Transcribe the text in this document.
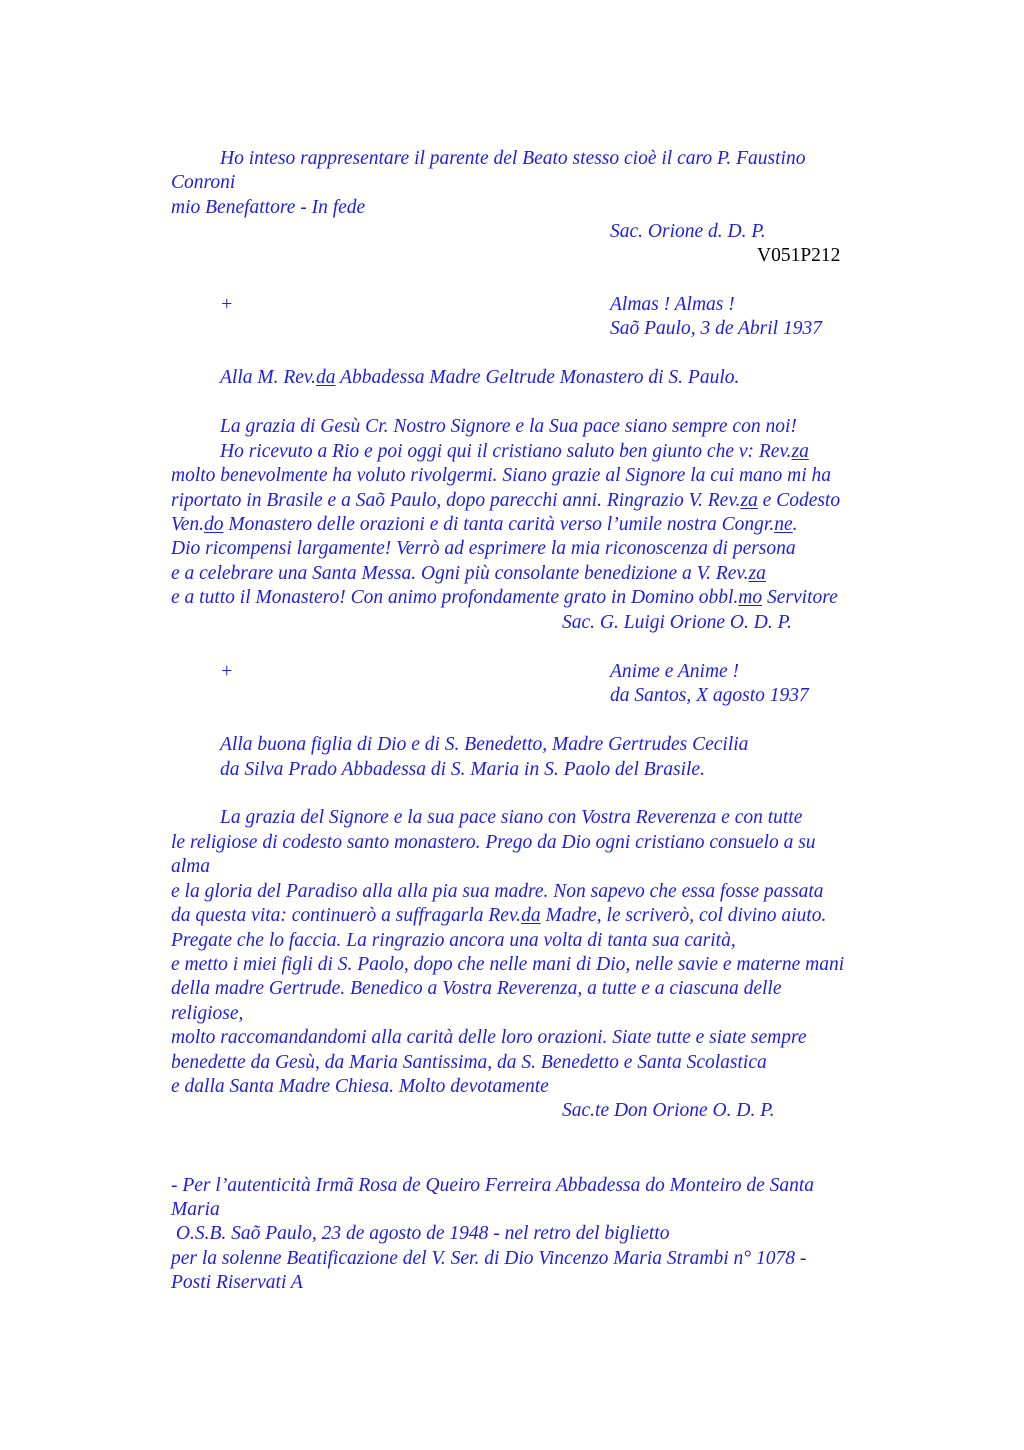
Ho inteso rappresentare il parente del Beato stesso cioè il caro P. Faustino
Conroni
mio Benefattore - In fede
Sac. Orione d. D. P.
V051P212
+	Almas ! Almas !
Saõ Paulo, 3 de Abril 1937
Alla M. Rev.da Abbadessa Madre Geltrude Monastero di S. Paulo.
La grazia di Gesù Cr. Nostro Signore e la Sua pace siano sempre con noi!
Ho ricevuto a Rio e poi oggi qui il cristiano saluto ben giunto che v: Rev.za
molto benevolmente ha voluto rivolgermi. Siano grazie al Signore la cui mano mi ha
riportato in Brasile e a Saõ Paulo, dopo parecchi anni. Ringrazio V. Rev.za e Codesto
Ven.do Monastero delle orazioni e di tanta carità verso l’umile nostra Congr.ne.
Dio ricompensi largamente! Verrò ad esprimere la mia riconoscenza di persona
e a celebrare una Santa Messa. Ogni più consolante benedizione a V. Rev.za
e a tutto il Monastero! Con animo profondamente grato in Domino obbl.mo Servitore
Sac. G. Luigi Orione O. D. P.
+	Anime e Anime !
da Santos, X agosto 1937
Alla buona figlia di Dio e di S. Benedetto, Madre Gertrudes Cecilia
da Silva Prado Abbadessa di S. Maria in S. Paolo del Brasile.
La grazia del Signore e la sua pace siano con Vostra Reverenza e con tutte
le religiose di codesto santo monastero. Prego da Dio ogni cristiano consuelo a su
alma
e la gloria del Paradiso alla alla pia sua madre. Non sapevo che essa fosse passata
da questa vita: continuerò a suffragarla Rev.da Madre, le scriverò, col divino aiuto.
Pregate che lo faccia. La ringrazio ancora una volta di tanta sua carità,
e metto i miei figli di S. Paolo, dopo che nelle mani di Dio, nelle savie e materne mani
della madre Gertrude. Benedico a Vostra Reverenza, a tutte e a ciascuna delle
religiose,
molto raccomandandomi alla carità delle loro orazioni. Siate tutte e siate sempre
benedette da Gesù, da Maria Santissima, da S. Benedetto e Santa Scolastica
e dalla Santa Madre Chiesa. Molto devotamente
Sac.te Don Orione O. D. P.
- Per l’autenticità Irmã Rosa de Queiro Ferreira Abbadessa do Monteiro de Santa
Maria
O.S.B. Saõ Paulo, 23 de agosto de 1948 - nel retro del biglietto
per la solenne Beatificazione del V. Ser. di Dio Vincenzo Maria Strambi n° 1078 -
Posti Riservati A
